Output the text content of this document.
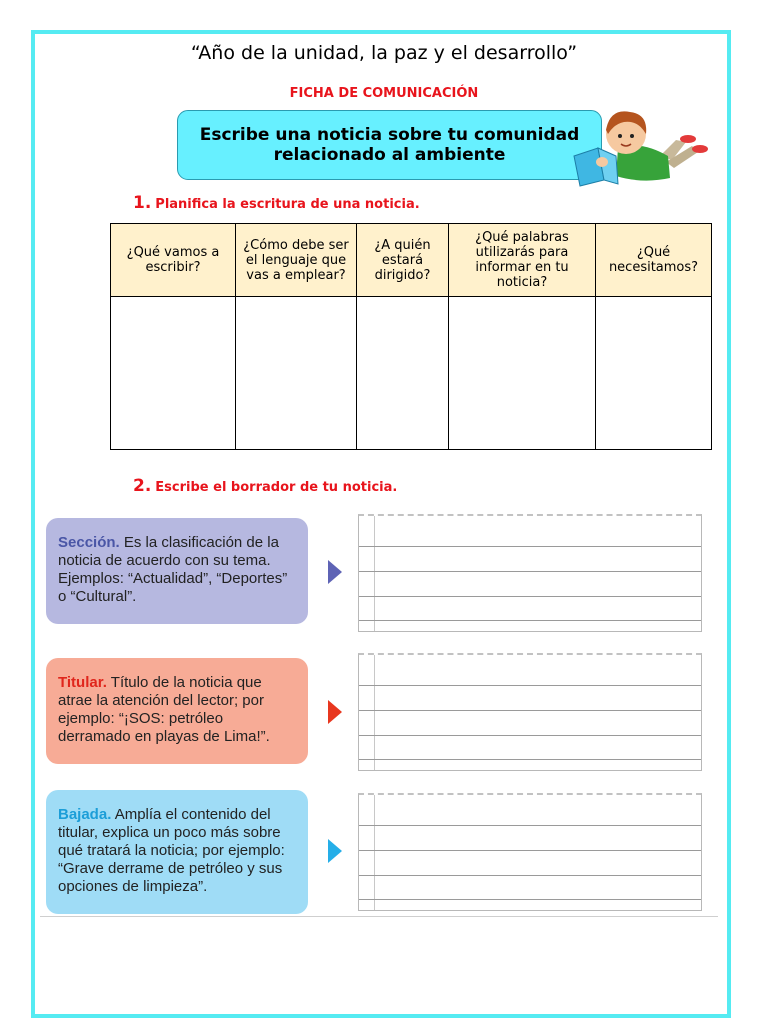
“Año de la unidad, la paz y el desarrollo”
FICHA DE COMUNICACIÓN
Escribe una noticia sobre tu comunidad relacionado al ambiente
1. Planifica la escritura de una noticia.
¿Qué vamos a escribir?	¿Cómo debe ser el lenguaje que vas a emplear?	¿A quién estará dirigido?	¿Qué palabras utilizarás para informar en tu noticia?	¿Qué necesitamos?

2. Escribe el borrador de tu noticia.
Sección. Es la clasificación de la noticia de acuerdo con su tema. Ejemplos: “Actualidad”, “Deportes” o “Cultural”.
Titular. Título de la noticia que atrae la atención del lector; por ejemplo: “¡SOS: petróleo derramado en playas de Lima!”.
Bajada. Amplía el contenido del titular, explica un poco más sobre qué tratará la noticia; por ejemplo: “Grave derrame de petróleo y sus opciones de limpieza”.
